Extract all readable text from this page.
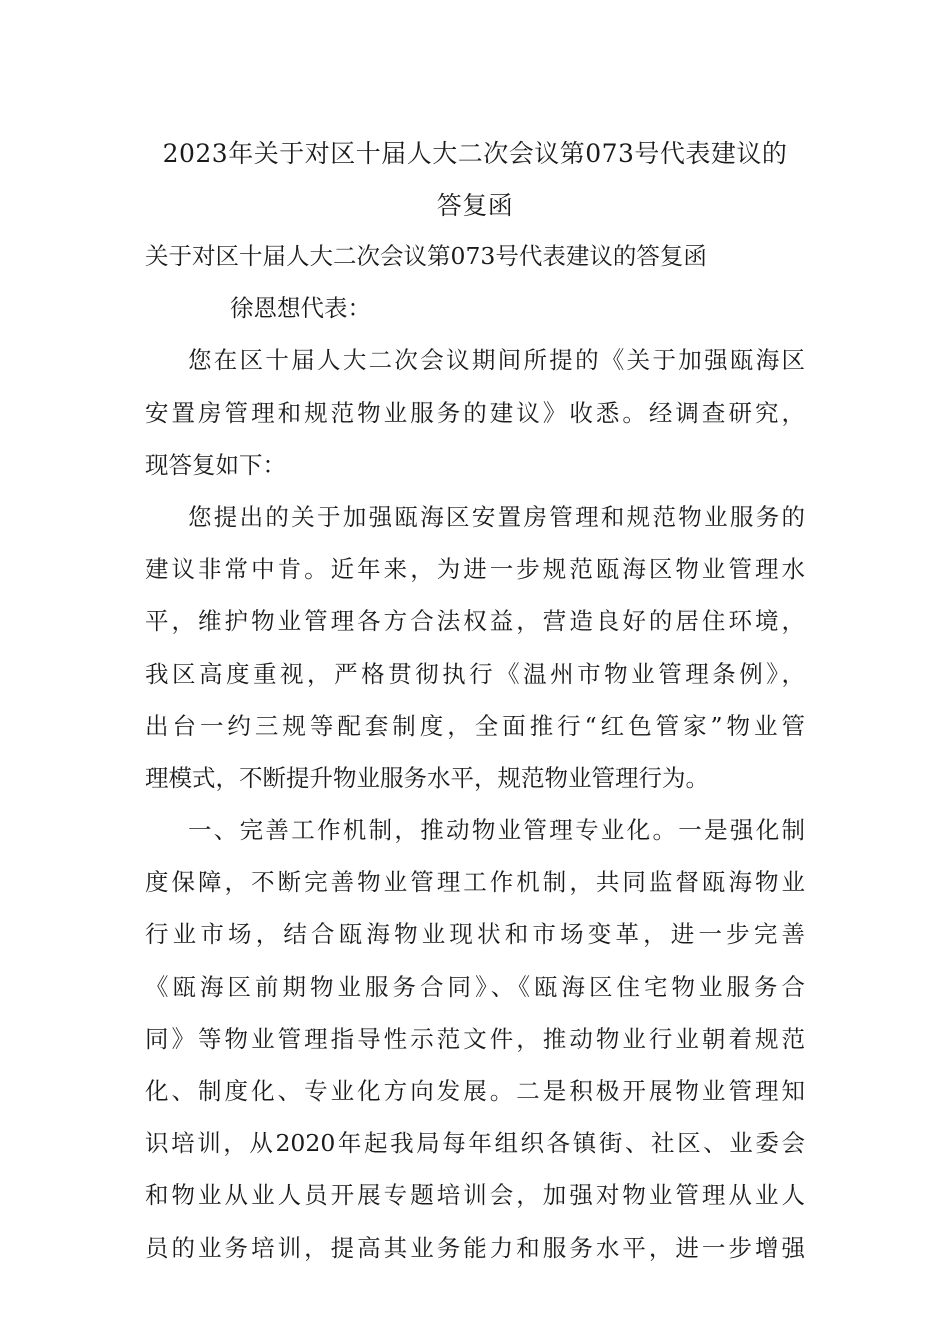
2023年关于对区十届人大二次会议第073号代表建议的
答复函
关于对区十届人大二次会议第073号代表建议的答复函
徐恩想代表：
您在区十届人大二次会议期间所提的《关于加强瓯海区
安置房管理和规范物业服务的建议》收悉。经调查研究，
现答复如下：
您提出的关于加强瓯海区安置房管理和规范物业服务的
建议非常中肯。近年来，为进一步规范瓯海区物业管理水
平，维护物业管理各方合法权益，营造良好的居住环境，
我区高度重视，严格贯彻执行《温州市物业管理条例》，
出台一约三规等配套制度，全面推行“红色管家”物业管
理模式，不断提升物业服务水平，规范物业管理行为。
一、完善工作机制，推动物业管理专业化。一是强化制
度保障，不断完善物业管理工作机制，共同监督瓯海物业
行业市场，结合瓯海物业现状和市场变革，进一步完善
《瓯海区前期物业服务合同》、《瓯海区住宅物业服务合
同》等物业管理指导性示范文件，推动物业行业朝着规范
化、制度化、专业化方向发展。二是积极开展物业管理知
识培训，从2020年起我局每年组织各镇街、社区、业委会
和物业从业人员开展专题培训会，加强对物业管理从业人
员的业务培训，提高其业务能力和服务水平，进一步增强
